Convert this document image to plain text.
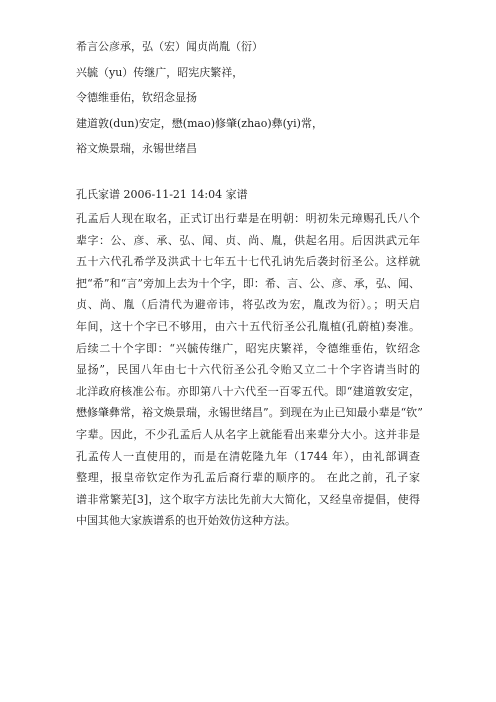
希言公彦承，弘（宏）闻贞尚胤（衍）
兴毓（yu）传继广，昭宪庆繁祥，
令德维垂佑，钦绍念显扬
建道敦(dun)安定，懋(mao)修肇(zhao)彝(yi)常，
裕文焕景瑞，永锡世绪昌
孔氏家谱 2006-11-21 14:04 家谱
孔孟后人现在取名，正式订出行辈是在明朝：明初朱元璋赐孔氏八个
辈字：公、彦、承、弘、闻、贞、尚、胤，供起名用。后因洪武元年
五十六代孔希学及洪武十七年五十七代孔讷先后袭封衍圣公。这样就
把“希”和“言”旁加上去为十个字，即：希、言、公、彦、承，弘、闻、
贞、尚、胤（后清代为避帝讳，将弘改为宏，胤改为衍）。；明天启
年间，这十个字已不够用，由六十五代衍圣公孔胤植(孔蔚植)奏准。
后续二十个字即：“兴毓传继广，昭宪庆繁祥，令德维垂佑，钦绍念
显扬”，民国八年由七十六代衍圣公孔令贻又立二十个字咨请当时的
北洋政府核准公布。亦即第八十六代至一百零五代。即“建道敦安定，
懋修肇彝常，裕文焕景瑞，永锡世绪昌”。到现在为止已知最小辈是“钦”
字辈。因此，不少孔孟后人从名字上就能看出来辈分大小。这并非是
孔孟传人一直使用的，而是在清乾隆九年（1744 年），由礼部调查
整理，报皇帝钦定作为孔孟后裔行辈的顺序的。 在此之前，孔子家
谱非常繁芜[3]，这个取字方法比先前大大简化，又经皇帝提倡，使得
中国其他大家族谱系的也开始效仿这种方法。
